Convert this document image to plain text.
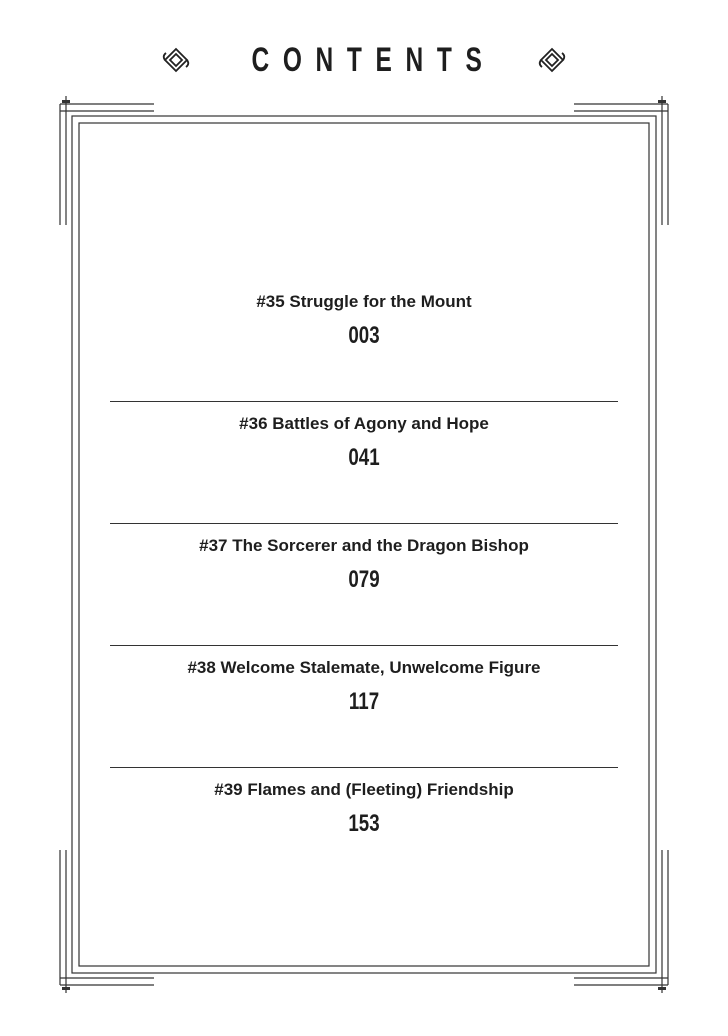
CONTENTS
#35 Struggle for the Mount
003
#36 Battles of Agony and Hope
041
#37 The Sorcerer and the Dragon Bishop
079
#38 Welcome Stalemate, Unwelcome Figure
117
#39 Flames and (Fleeting) Friendship
153
